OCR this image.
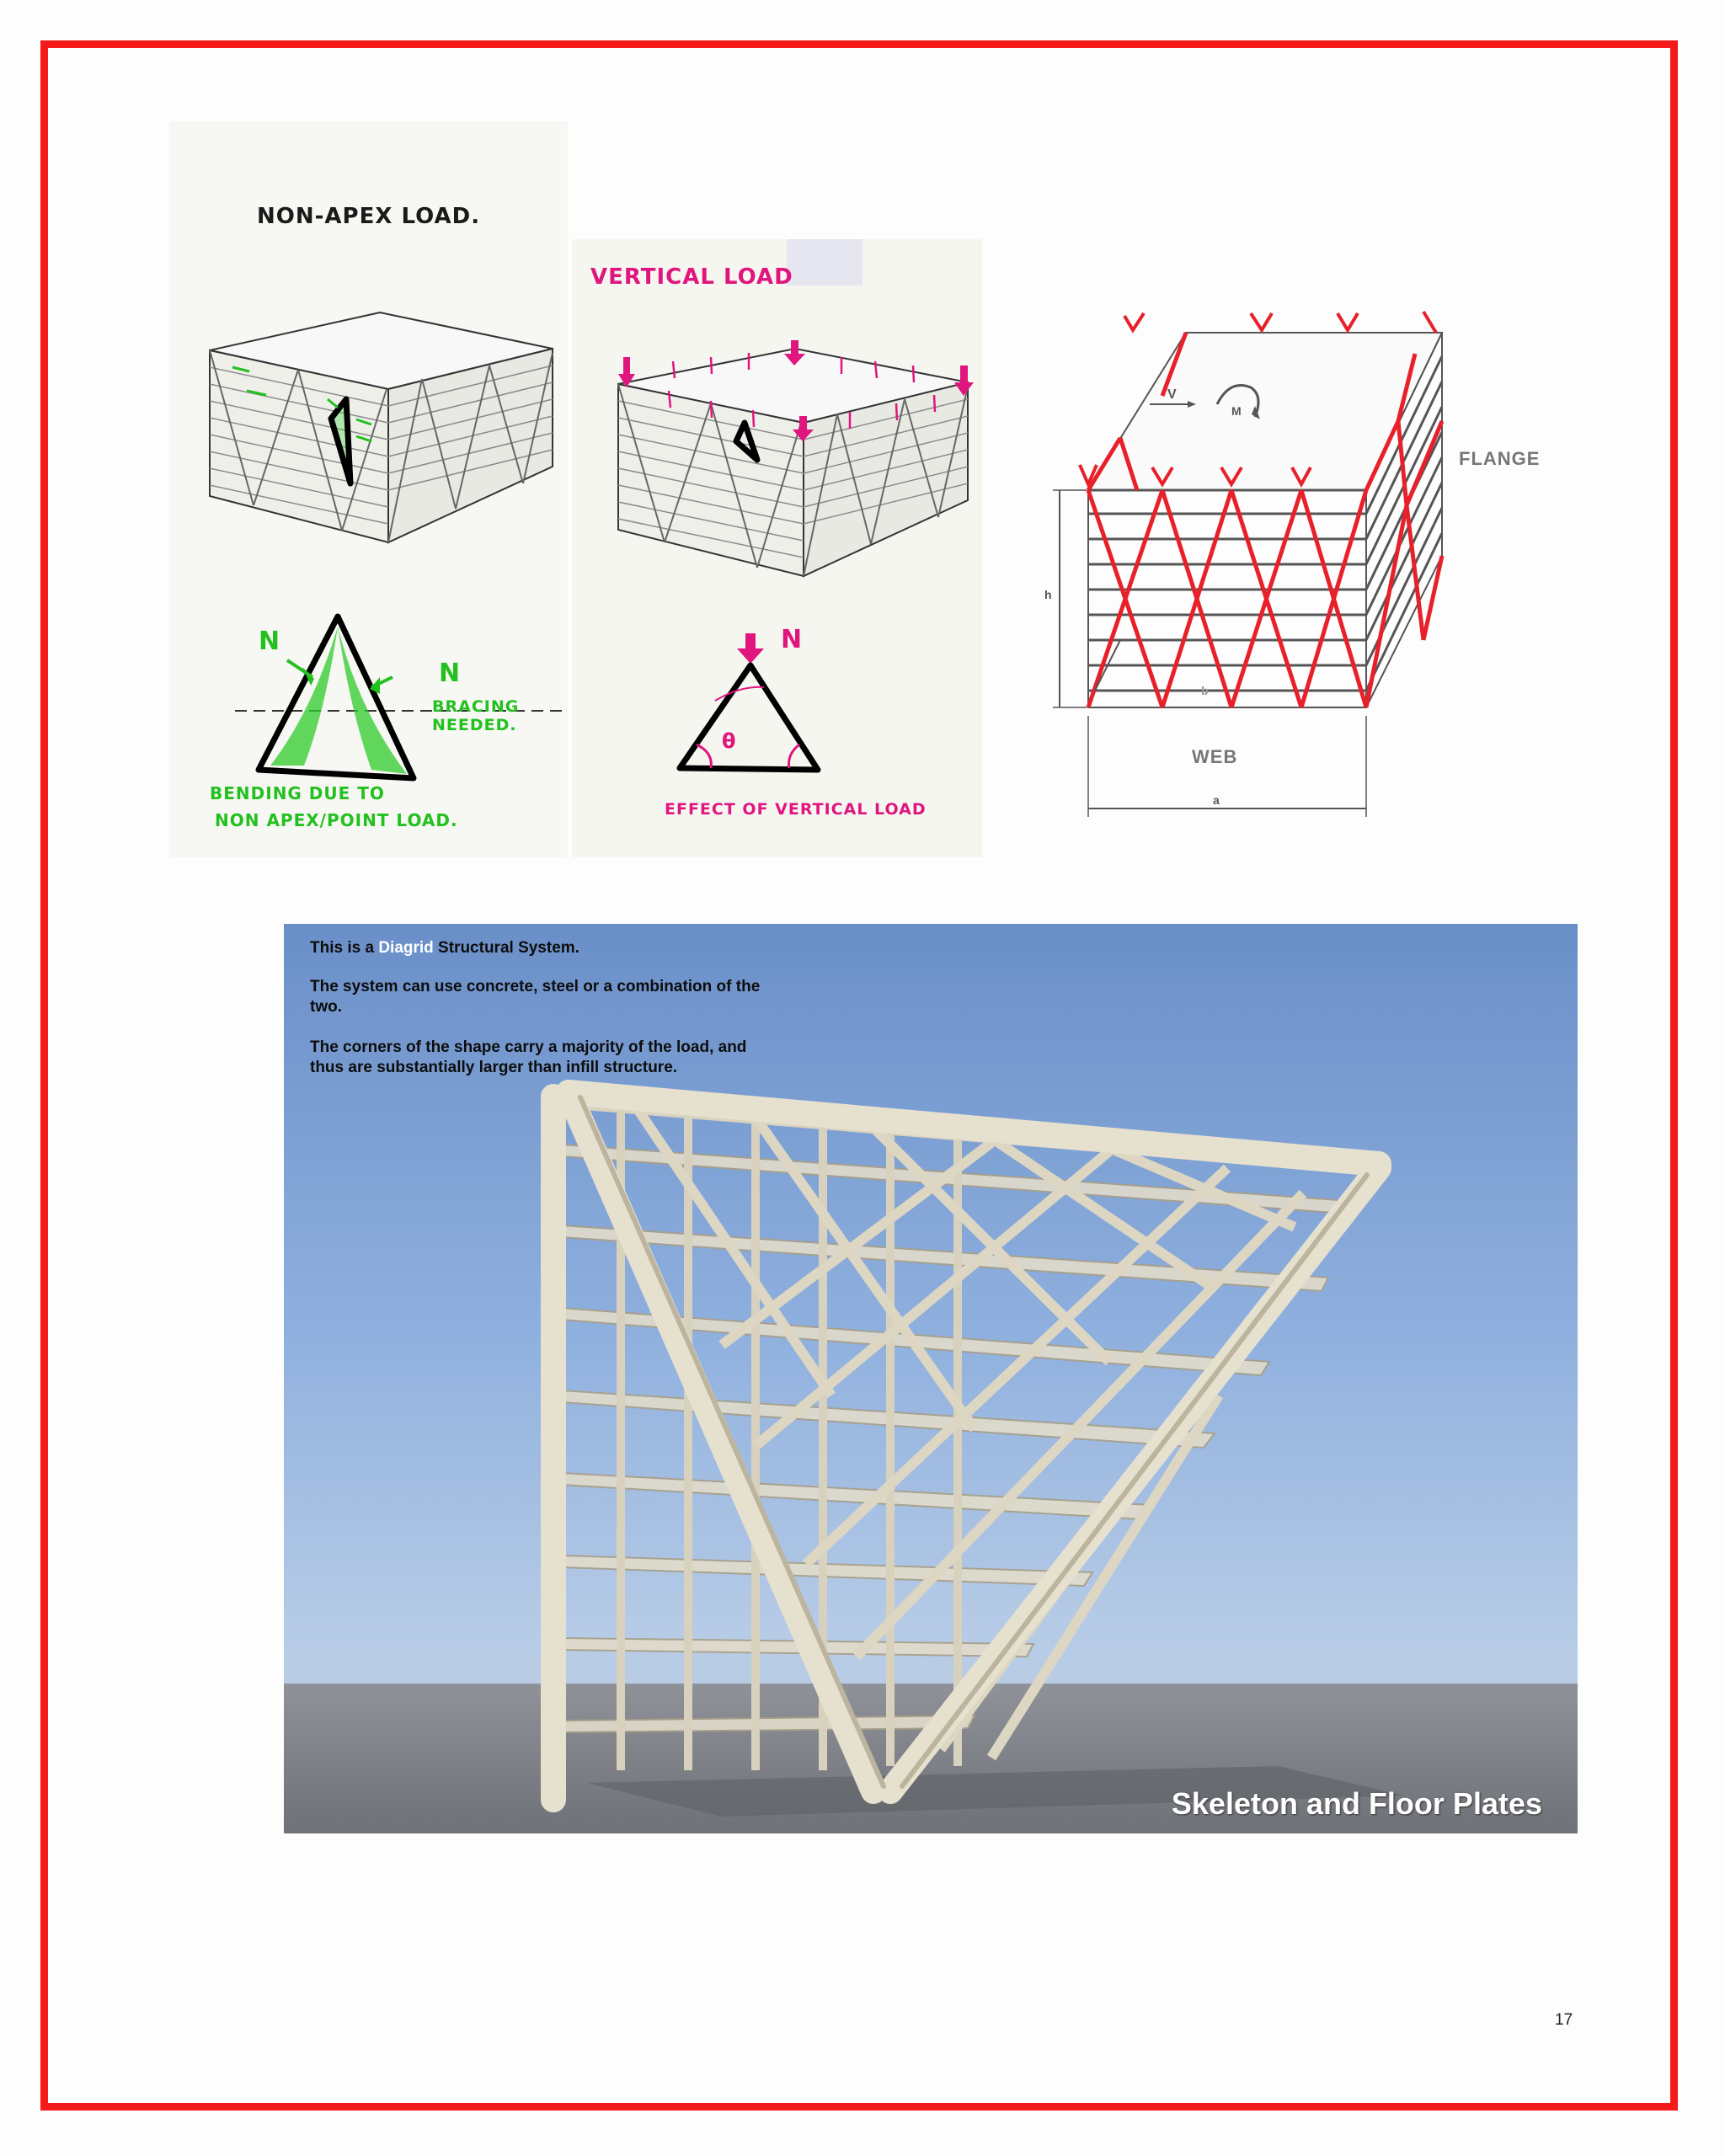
NON-APEX LOAD.
N
N
BRACING
NEEDED.
BENDING DUE TO
NON APEX/POINT LOAD.
VERTICAL LOAD
N
θ
EFFECT OF VERTICAL LOAD
FLANGE
WEB
V
M
h
a
b
This is a Diagrid Structural System.
The system can use concrete, steel or a combination of the two.
The corners of the shape carry a majority of the load, and thus are substantially larger than infill structure.
Skeleton and Floor Plates
17
